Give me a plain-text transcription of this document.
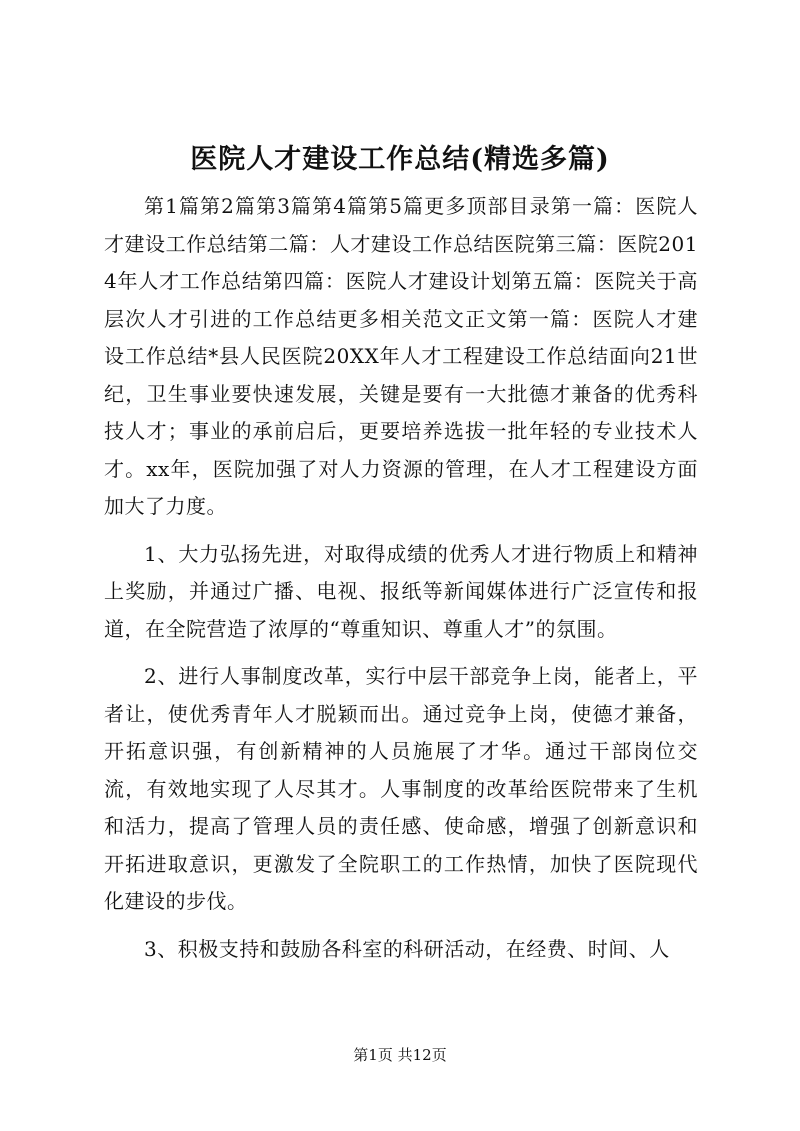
医院人才建设工作总结(精选多篇)

第1篇第2篇第3篇第4篇第5篇更多顶部目录第一篇：医院人才建设工作总结第二篇：人才建设工作总结医院第三篇：医院2014年人才工作总结第四篇：医院人才建设计划第五篇：医院关于高层次人才引进的工作总结更多相关范文正文第一篇：医院人才建设工作总结*县人民医院20XX年人才工程建设工作总结面向21世纪，卫生事业要快速发展，关键是要有一大批德才兼备的优秀科技人才；事业的承前启后，更要培养选拔一批年轻的专业技术人才。xx年，医院加强了对人力资源的管理，在人才工程建设方面加大了力度。

1、大力弘扬先进，对取得成绩的优秀人才进行物质上和精神上奖励，并通过广播、电视、报纸等新闻媒体进行广泛宣传和报道，在全院营造了浓厚的“尊重知识、尊重人才”的氛围。

2、进行人事制度改革，实行中层干部竞争上岗，能者上，平者让，使优秀青年人才脱颖而出。通过竞争上岗，使德才兼备，开拓意识强，有创新精神的人员施展了才华。通过干部岗位交流，有效地实现了人尽其才。人事制度的改革给医院带来了生机和活力，提高了管理人员的责任感、使命感，增强了创新意识和开拓进取意识，更激发了全院职工的工作热情，加快了医院现代化建设的步伐。

3、积极支持和鼓励各科室的科研活动，在经费、时间、人

第1页 共12页
